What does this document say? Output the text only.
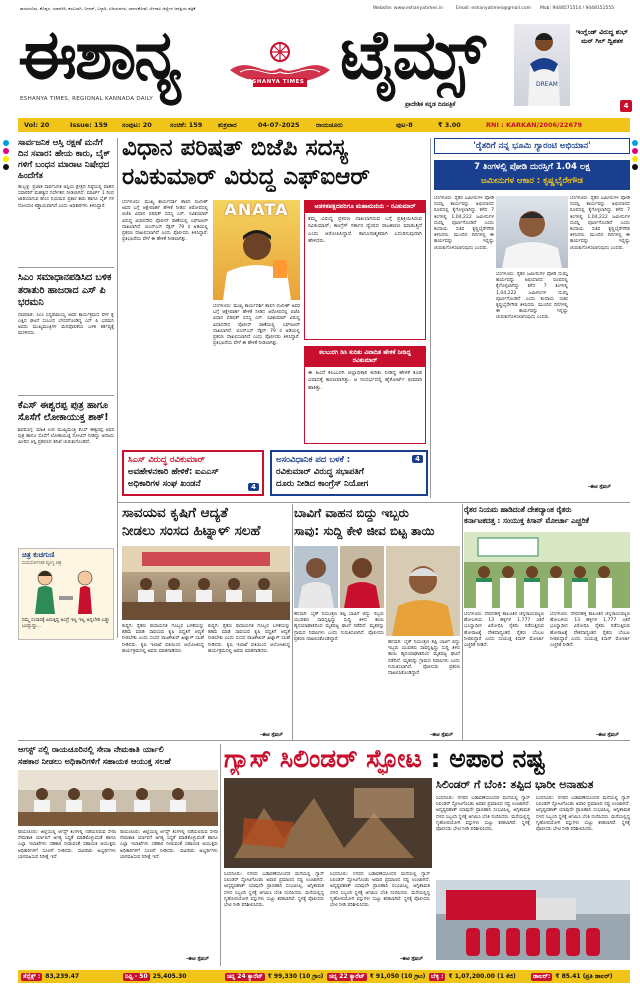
ರಾಯಚೂರು, ಕೊಪ್ಪಳ, ಯಾದಗಿರಿ, ಕಲಬುರಗಿ, ಬೀದರ್, ಬಳ್ಳಾರಿ, ವಿಜಯನಗರ, ಬಾಗಲಕೋಟೆ, ಬೆಳಗಾವಿ ಜಿಲ್ಲೆಗಳ ಜನಪ್ರಿಯ ಪತ್ರಿಕೆ	Website: www.eshanyatimes.in	Email: eshanyatimes@gmail.com Mob: 9448571514 / 9448151555
ಈಶಾನ್ಯ	ESHANYA TIMES ಟೈಮ್ಸ್
ESHANYA TIMES, REGIONAL KANNADA DAILY
ಪ್ರಾದೇಶಿಕ ಕನ್ನಡ ದಿನಪತ್ರಿಕೆ
DREAM
ಇಂಗ್ಲೆಂಡ್ ವಿರುದ್ಧ ಶುಭ್ ಮನ್ ಗಿಲ್ ದ್ವಿಶತಕ
4
Vol: 20	Issue: 159	ಸಂಪುಟ: 20	ಸಂಚಿಕೆ: 159	ಶುಕ್ರವಾರ	04-07-2025	ರಾಯಚೂರು	ಪುಟ-8	₹ 3.00	RNI : KARKAN/2006/22679
ಸಾರ್ವಜನಿಕ ಆಸ್ತಿ ರಕ್ಷಣೆ ಮನೆಗೆ ದಿನ ಸವಾರ: ಹೇಯ ಕಾರು, ಬೈಕ್ ಗಳಿಗೆ ಬಂಧನ ಮಾರಾಟ ನಿಷೇಧದ ಹಿಂದೆಗೆತ
ಹುಬ್ಬಳ್ಳಿ: ಪ್ರಜಾತ ಸಾರ್ವಜನಿಕ ಆಸ್ತಿಯ ಕ್ಷೇತ್ರದ ನಿಷ್ಠೆಯಲ್ಲಿ ವಾಹನ ಸವಾರರಿಗೆ ಮಹತ್ವದ ನಿರ್ದೇಶನ ನೀಡಲಾಗಿದೆ. ಮಾರ್ಚ್ 1 ರಿಂದ ಜಾರಿಯಾಗುವ ಹೊಸ ನಿಯಮದ ಪ್ರಕಾರ ಕಾರು ಹಾಗೂ ಬೈಕ್ ಗಳ ನೋಂದಣಿ ಕಡ್ಡಾಯವಾಗಿದೆ ಎಂದು ಅಧಿಕಾರಿಗಳು ತಿಳಿಸಿದ್ದಾರೆ.
ಸಿಎಂ ಸಮಾಧಾನಪಡಿಸಿದ ಬಳಿಕ ತರಾತುರಿ ಹಾಜರಾದ ಎಸ್ ಪಿ ಭರಮನಿ
ಧಾರವಾಡ: ಸಿಎಂ ಸಿದ್ದರಾಮಯ್ಯ ಅವರ ಕಾರ್ಯಕ್ರಮದ ವೇಳೆ ಕೈ ಎತ್ತಿದ ಘಟನೆ ಸಂಬಂಧ ಬೇಸರಗೊಂಡಿದ್ದ ಎಸ್ ಪಿ ಭರಮನಿ ಅವರು ಮುಖ್ಯಮಂತ್ರಿಗಳ ಮನವೊಲಿಕೆಯ ಬಳಿಕ ಕರ್ತವ್ಯಕ್ಕೆ ಮರಳಿದರು.
ಕೆಎಸ್ ಈಶ್ವರಪ್ಪ ಪುತ್ರ ಹಾಗೂ ಸೊಸೆಗೆ ಲೋಕಾಯುಕ್ತ ಶಾಕ್!
ಶಿವಮೊಗ್ಗ: ಮಾಜಿ ಉಪ ಮುಖ್ಯಮಂತ್ರಿ ಕೆಎಸ್ ಈಶ್ವರಪ್ಪ ಅವರ ಪುತ್ರ ಹಾಗೂ ಸೊಸೆಗೆ ಲೋಕಾಯುಕ್ತ ನೋಟಿಸ್ ನೀಡಿದ್ದು ಆದಾಯ ಮೀರಿದ ಆಸ್ತಿ ಪ್ರಕರಣದ ತನಿಖೆ ಚುರುಕುಗೊಂಡಿದೆ.
ಚಿತ್ರ ಕುಚಗುಣಿ
ಸಂದರ್ಭೋಚಿತ ವ್ಯಂಗ್ಯ ಚಿತ್ರ
ನಿಮ್ಮ ಸಂಸಾರಕ್ಕೆ ಏರುತ್ತಿದ್ದ ಅಂದ್ರೆ ಇಲ್ಲ ಇಲ್ಲ ಅನ್ನಬೇಡಿ ಬಡ್ಡು ಬಂದ್ಬುದ್ದು...
ವಿಧಾನ ಪರಿಷತ್ ಬಿಜೆಪಿ ಸದಸ್ಯ
ರವಿಕುಮಾರ್ ವಿರುದ್ಧ ಎಫ್ಐಆರ್
ಬೆಂಗಳೂರು: ಮುಖ್ಯ ಕಾರ್ಯದರ್ಶಿ ಶಾಲಿನಿ ರಜನೀಶ್ ಅವರ ಬಗ್ಗೆ ಆಕ್ಷೇಪಾರ್ಹ ಹೇಳಿಕೆ ನೀಡಿದ ಆರೋಪದಲ್ಲಿ ಬಿಜೆಪಿ ವಿಧಾನ ಪರಿಷತ್ ಸದಸ್ಯ ಎನ್. ರವಿಕುಮಾರ್ ವಿರುದ್ಧ ವಿಧಾನಸೌಧ ಪೊಲೀಸ್ ಠಾಣೆಯಲ್ಲಿ ಎಫ್ಐಆರ್ ದಾಖಲಾಗಿದೆ. ಬಿಎನ್ಎಸ್ ಸೆಕ್ಷನ್ 79 ರ ಅಡಿಯಲ್ಲಿ ಪ್ರಕರಣ ದಾಖಲಿಸಲಾಗಿದೆ ಎಂದು ಪೊಲೀಸರು ತಿಳಿಸಿದ್ದಾರೆ. ಪ್ರತಿಭಟನೆಯ ವೇಳೆ ಈ ಹೇಳಿಕೆ ನೀಡಲಾಗಿತ್ತು.
ANATA
ಬೆಂಗಳೂರು: ಮುಖ್ಯ ಕಾರ್ಯದರ್ಶಿ ಶಾಲಿನಿ ರಜನೀಶ್ ಅವರ ಬಗ್ಗೆ ಆಕ್ಷೇಪಾರ್ಹ ಹೇಳಿಕೆ ನೀಡಿದ ಆರೋಪದಲ್ಲಿ ಬಿಜೆಪಿ ವಿಧಾನ ಪರಿಷತ್ ಸದಸ್ಯ ಎನ್. ರವಿಕುಮಾರ್ ವಿರುದ್ಧ ವಿಧಾನಸೌಧ ಪೊಲೀಸ್ ಠಾಣೆಯಲ್ಲಿ ಎಫ್ಐಆರ್ ದಾಖಲಾಗಿದೆ. ಬಿಎನ್ಎಸ್ ಸೆಕ್ಷನ್ 79 ರ ಅಡಿಯಲ್ಲಿ ಪ್ರಕರಣ ದಾಖಲಿಸಲಾಗಿದೆ ಎಂದು ಪೊಲೀಸರು ತಿಳಿಸಿದ್ದಾರೆ. ಪ್ರತಿಭಟನೆಯ ವೇಳೆ ಈ ಹೇಳಿಕೆ ನೀಡಲಾಗಿತ್ತು.
ಆಡಳಿತಪಕ್ಷದವರಿಗೂ ಮಹಾಮಣಿಯ - ರವಿಕುಮಾರ್
ತಮ್ಮ ವಿರುದ್ಧ ಪ್ರಕರಣ ದಾಖಲಾಗಿರುವ ಬಗ್ಗೆ ಪ್ರತಿಕ್ರಿಯಿಸಿರುವ ರವಿಕುಮಾರ್, ಕಾಂಗ್ರೆಸ್ ಸರ್ಕಾರ ದ್ವೇಷದ ರಾಜಕಾರಣ ಮಾಡುತ್ತಿದೆ ಎಂದು ಆರೋಪಿಸಿದ್ದಾರೆ. ಕಾನೂನಾತ್ಮಕವಾಗಿ ಎದುರಿಸುವುದಾಗಿ ಹೇಳಿದರು.
ಕಲಬುರಗಿ ಡಿಸಿ ಕುರಿತು ವಿವಾದಿತ ಹೇಳಿಕೆ ನೀಡಿದ್ದ ರವಿಕುಮಾರ್
ಈ ಹಿಂದೆ ಕಲಬುರಗಿ ಜಿಲ್ಲಾಧಿಕಾರಿ ಕುರಿತು ನೀಡಿದ್ದ ಹೇಳಿಕೆ ಕೂಡ ವಿವಾದಕ್ಕೆ ಕಾರಣವಾಗಿತ್ತು. ಆ ಸಂದರ್ಭದಲ್ಲಿ ಹೈಕೋರ್ಟ್ ಛೀಮಾರಿ ಹಾಕಿತ್ತು.
'ರೈತರಿಗೆ ನನ್ನ ಭೂಮಿ ಗ್ಯಾರಂಟಿ ಅಭಿಯಾನ'
7 ತಿಂಗಳಲ್ಲಿ ಪೋಡಿ ದುರಸ್ತಿಗೆ 1.04 ಲಕ್ಷ
ಜಮೀನುಗಳ ಆಕಾರ : ಕೃಷ್ಣಭೈರೇಗೌಡ
ಬೆಂಗಳೂರು: ರೈತರ ಜಮೀನುಗಳ ಪೋಡಿ ದುರಸ್ತಿ ಕಾರ್ಯವನ್ನು ಅಭಿಯಾನದ ರೂಪದಲ್ಲಿ ಕೈಗೊಳ್ಳಲಾಗಿದ್ದು ಕಳೆದ 7 ತಿಂಗಳಲ್ಲಿ 1,04,222 ಜಮೀನುಗಳ ದುರಸ್ತಿ ಪೂರ್ಣಗೊಂಡಿದೆ ಎಂದು ಕಂದಾಯ ಸಚಿವ ಕೃಷ್ಣಭೈರೇಗೌಡ ತಿಳಿಸಿದರು. ಮುಂದಿನ ದಿನಗಳಲ್ಲಿ ಈ ಕಾರ್ಯವನ್ನು ಇನ್ನಷ್ಟು ಚುರುಕುಗೊಳಿಸಲಾಗುವುದು ಎಂದರು.
ಬೆಂಗಳೂರು: ರೈತರ ಜಮೀನುಗಳ ಪೋಡಿ ದುರಸ್ತಿ ಕಾರ್ಯವನ್ನು ಅಭಿಯಾನದ ರೂಪದಲ್ಲಿ ಕೈಗೊಳ್ಳಲಾಗಿದ್ದು ಕಳೆದ 7 ತಿಂಗಳಲ್ಲಿ 1,04,222 ಜಮೀನುಗಳ ದುರಸ್ತಿ ಪೂರ್ಣಗೊಂಡಿದೆ ಎಂದು ಕಂದಾಯ ಸಚಿವ ಕೃಷ್ಣಭೈರೇಗೌಡ ತಿಳಿಸಿದರು. ಮುಂದಿನ ದಿನಗಳಲ್ಲಿ ಈ ಕಾರ್ಯವನ್ನು ಇನ್ನಷ್ಟು ಚುರುಕುಗೊಳಿಸಲಾಗುವುದು ಎಂದರು.
ಬೆಂಗಳೂರು: ರೈತರ ಜಮೀನುಗಳ ಪೋಡಿ ದುರಸ್ತಿ ಕಾರ್ಯವನ್ನು ಅಭಿಯಾನದ ರೂಪದಲ್ಲಿ ಕೈಗೊಳ್ಳಲಾಗಿದ್ದು ಕಳೆದ 7 ತಿಂಗಳಲ್ಲಿ 1,04,222 ಜಮೀನುಗಳ ದುರಸ್ತಿ ಪೂರ್ಣಗೊಂಡಿದೆ ಎಂದು ಕಂದಾಯ ಸಚಿವ ಕೃಷ್ಣಭೈರೇಗೌಡ ತಿಳಿಸಿದರು. ಮುಂದಿನ ದಿನಗಳಲ್ಲಿ ಈ ಕಾರ್ಯವನ್ನು ಇನ್ನಷ್ಟು ಚುರುಕುಗೊಳಿಸಲಾಗುವುದು ಎಂದರು.
-ಈಟಿ ಸ್ಪೆಷಲ್
ಸಿಎಸ್ ವಿರುದ್ಧ ರವಿಕುಮಾರ್
ಅವಹೇಳನಕಾರಿ ಹೇಳಿಕೆ: ಐಎಎಸ್
ಅಧಿಕಾರಿಗಳ ಸಂಘ ಖಂಡನೆ	4
ಅಸಂವಿಧಾನಿಕ ಪದ ಬಳಕೆ :
ರವಿಕುಮಾರ್ ವಿರುದ್ಧ ಸಭಾಪತಿಗೆ
ದೂರು ನೀಡಿದ ಕಾಂಗ್ರೆಸ್ ನಿಯೋಗ
4
ಸಾವಯವ ಕೃಷಿಗೆ ಆದ್ಯತೆ
ನೀಡಲು ಸಂಸದ ಹಿಟ್ನಾಳ್ ಸಲಹೆ
ಕುಷ್ಟಗಿ: ರೈತರು ರಾಸಾಯನಿಕ ಗೊಬ್ಬರ ಬಳಕೆಯನ್ನು ಕಡಿಮೆ ಮಾಡಿ ಸಾವಯವ ಕೃಷಿ ಪದ್ಧತಿಗೆ ಆದ್ಯತೆ ನೀಡಬೇಕು ಎಂದು ಸಂಸದ ರಾಜಶೇಖರ್ ಹಿಟ್ನಾಳ್ ಸಲಹೆ ನೀಡಿದರು. ಕೃಷಿ ಇಲಾಖೆ ವತಿಯಿಂದ ಆಯೋಜಿಸಿದ್ದ ಕಾರ್ಯಕ್ರಮದಲ್ಲಿ ಅವರು ಮಾತನಾಡಿದರು.
ಕುಷ್ಟಗಿ: ರೈತರು ರಾಸಾಯನಿಕ ಗೊಬ್ಬರ ಬಳಕೆಯನ್ನು ಕಡಿಮೆ ಮಾಡಿ ಸಾವಯವ ಕೃಷಿ ಪದ್ಧತಿಗೆ ಆದ್ಯತೆ ನೀಡಬೇಕು ಎಂದು ಸಂಸದ ರಾಜಶೇಖರ್ ಹಿಟ್ನಾಳ್ ಸಲಹೆ ನೀಡಿದರು. ಕೃಷಿ ಇಲಾಖೆ ವತಿಯಿಂದ ಆಯೋಜಿಸಿದ್ದ ಕಾರ್ಯಕ್ರಮದಲ್ಲಿ ಅವರು ಮಾತನಾಡಿದರು.
-ಈಟಿ ಸ್ಪೆಷಲ್
ಬಾವಿಗೆ ವಾಹನ ಬಿದ್ದು ಇಬ್ಬರು
ಸಾವು: ಸುದ್ದಿ ಕೇಳಿ ಜೀವ ಬಿಟ್ಟ ತಾಯಿ
ಹನಸಾಗಿ: ಬೈಕ್ ನಿಯಂತ್ರಣ ತಪ್ಪಿ ಬಾವಿಗೆ ಬಿದ್ದು ಇಬ್ಬರು ಯುವಕರು ಸಾವನ್ನಪ್ಪಿದ್ದು ಸುದ್ದಿ ತಿಳಿದ ತಾಯಿ ಹೃದಯಾಘಾತದಿಂದ ಮೃತಪಟ್ಟ ಘಟನೆ ನಡೆದಿದೆ. ಮೃತರನ್ನು ಗ್ರಾಮದ ನಿವಾಸಿಗಳು ಎಂದು ಗುರುತಿಸಲಾಗಿದೆ. ಪೊಲೀಸರು ಪ್ರಕರಣ ದಾಖಲಿಸಿಕೊಂಡಿದ್ದಾರೆ.
ಹನಸಾಗಿ: ಬೈಕ್ ನಿಯಂತ್ರಣ ತಪ್ಪಿ ಬಾವಿಗೆ ಬಿದ್ದು ಇಬ್ಬರು ಯುವಕರು ಸಾವನ್ನಪ್ಪಿದ್ದು ಸುದ್ದಿ ತಿಳಿದ ತಾಯಿ ಹೃದಯಾಘಾತದಿಂದ ಮೃತಪಟ್ಟ ಘಟನೆ ನಡೆದಿದೆ. ಮೃತರನ್ನು ಗ್ರಾಮದ ನಿವಾಸಿಗಳು ಎಂದು ಗುರುತಿಸಲಾಗಿದೆ. ಪೊಲೀಸರು ಪ್ರಕರಣ ದಾಖಲಿಸಿಕೊಂಡಿದ್ದಾರೆ.
-ಈಟಿ ಸ್ಪೆಷಲ್
ರೈತರ ನಿಯಮ ಹಾಡಿದಂತೆ ದೇಶದ್ಯಾಂತ ರೈತರು
ಕರ್ನಾಟಕದತ್ತ : ಸಂಯುಕ್ತ ಕಿಸಾನ್ ಮೋರ್ಚಾ ಎಚ್ಚರಿಕೆ
ಬೆಂಗಳೂರು: ದೇವನಹಳ್ಳಿ ತಾಲೂಕಿನ ಚನ್ನರಾಯಪಟ್ಟಣ ಹೋಬಳಿಯ 13 ಹಳ್ಳಿಗಳ 1,777 ಎಕರೆ ಭೂಸ್ವಾಧೀನ ವಿರೋಧಿಸಿ ರೈತರು ನಡೆಸುತ್ತಿರುವ ಹೋರಾಟಕ್ಕೆ ದೇಶದಾದ್ಯಂತದ ರೈತರು ಬೆಂಬಲ ನೀಡಲಿದ್ದಾರೆ ಎಂದು ಸಂಯುಕ್ತ ಕಿಸಾನ್ ಮೋರ್ಚಾ ಎಚ್ಚರಿಕೆ ನೀಡಿದೆ.
ಬೆಂಗಳೂರು: ದೇವನಹಳ್ಳಿ ತಾಲೂಕಿನ ಚನ್ನರಾಯಪಟ್ಟಣ ಹೋಬಳಿಯ 13 ಹಳ್ಳಿಗಳ 1,777 ಎಕರೆ ಭೂಸ್ವಾಧೀನ ವಿರೋಧಿಸಿ ರೈತರು ನಡೆಸುತ್ತಿರುವ ಹೋರಾಟಕ್ಕೆ ದೇಶದಾದ್ಯಂತದ ರೈತರು ಬೆಂಬಲ ನೀಡಲಿದ್ದಾರೆ ಎಂದು ಸಂಯುಕ್ತ ಕಿಸಾನ್ ಮೋರ್ಚಾ ಎಚ್ಚರಿಕೆ ನೀಡಿದೆ.
-ಈಟಿ ಸ್ಪೆಷಲ್
ಆಗಸ್ಟ್ ನಲ್ಲಿ ರಾಯಚೂರಿನಲ್ಲಿ ಸೇನಾ ನೇಮಕಾತಿ ರ್ಯಾಲಿ
ಸಹಕಾರ ನೀಡಲು ಅಧಿಕಾರಿಗಳಿಗೆ ಸಹಾಯಕ ಆಯುಕ್ತ ಸಲಹೆ
ರಾಯಚೂರು: ಜಿಲ್ಲೆಯಲ್ಲಿ ಆಗಸ್ಟ್ ತಿಂಗಳಲ್ಲಿ ನಡೆಯಲಿರುವ ಸೇನಾ ನೇಮಕಾತಿ ರ್ಯಾಲಿಗೆ ಅಗತ್ಯ ಸಿದ್ಧತೆ ಮಾಡಿಕೊಳ್ಳುವಂತೆ ಹಾಗೂ ಎಲ್ಲಾ ಇಲಾಖೆಗಳು ಸಹಕಾರ ನೀಡುವಂತೆ ಸಹಾಯಕ ಆಯುಕ್ತರು ಅಧಿಕಾರಿಗಳಿಗೆ ಸೂಚನೆ ನೀಡಿದರು. ಸಾವಿರಾರು ಅಭ್ಯರ್ಥಿಗಳು ಭಾಗವಹಿಸುವ ನಿರೀಕ್ಷೆ ಇದೆ.
ರಾಯಚೂರು: ಜಿಲ್ಲೆಯಲ್ಲಿ ಆಗಸ್ಟ್ ತಿಂಗಳಲ್ಲಿ ನಡೆಯಲಿರುವ ಸೇನಾ ನೇಮಕಾತಿ ರ್ಯಾಲಿಗೆ ಅಗತ್ಯ ಸಿದ್ಧತೆ ಮಾಡಿಕೊಳ್ಳುವಂತೆ ಹಾಗೂ ಎಲ್ಲಾ ಇಲಾಖೆಗಳು ಸಹಕಾರ ನೀಡುವಂತೆ ಸಹಾಯಕ ಆಯುಕ್ತರು ಅಧಿಕಾರಿಗಳಿಗೆ ಸೂಚನೆ ನೀಡಿದರು. ಸಾವಿರಾರು ಅಭ್ಯರ್ಥಿಗಳು ಭಾಗವಹಿಸುವ ನಿರೀಕ್ಷೆ ಇದೆ.
-ಈಟಿ ಸ್ಪೆಷಲ್
ಗ್ಯಾಸ್ ಸಿಲಿಂಡರ್ ಸ್ಫೋಟ : ಅಪಾರ ನಷ್ಟ
ಸಿಲಿಂಡರ್ ಗೆ ಬೆಂಕಿ: ತಪ್ಪಿದ ಭಾರೀ ಅನಾಹುತ
ಸಿಂಧನೂರು: ನಗರದ ಬಡಾವಣೆಯೊಂದರ ಮನೆಯಲ್ಲಿ ಗ್ಯಾಸ್ ಸಿಲಿಂಡರ್ ಸ್ಫೋಟಗೊಂಡು ಅಪಾರ ಪ್ರಮಾಣದ ನಷ್ಟ ಉಂಟಾಗಿದೆ. ಅದೃಷ್ಟವಶಾತ್ ಯಾವುದೇ ಪ್ರಾಣಹಾನಿ ಸಂಭವಿಸಿಲ್ಲ. ಅಗ್ನಿಶಾಮಕ ದಳದ ಸಿಬ್ಬಂದಿ ಸ್ಥಳಕ್ಕೆ ಆಗಮಿಸಿ ಬೆಂಕಿ ನಂದಿಸಿದರು. ಮನೆಯಲ್ಲಿದ್ದ ಗೃಹೋಪಯೋಗಿ ವಸ್ತುಗಳು ಸುಟ್ಟು ಕರಕಲಾಗಿವೆ. ಸ್ಥಳಕ್ಕೆ ಪೊಲೀಸರು ಭೇಟಿ ನೀಡಿ ಪರಿಶೀಲಿಸಿದರು.
ಸಿಂಧನೂರು: ನಗರದ ಬಡಾವಣೆಯೊಂದರ ಮನೆಯಲ್ಲಿ ಗ್ಯಾಸ್ ಸಿಲಿಂಡರ್ ಸ್ಫೋಟಗೊಂಡು ಅಪಾರ ಪ್ರಮಾಣದ ನಷ್ಟ ಉಂಟಾಗಿದೆ. ಅದೃಷ್ಟವಶಾತ್ ಯಾವುದೇ ಪ್ರಾಣಹಾನಿ ಸಂಭವಿಸಿಲ್ಲ. ಅಗ್ನಿಶಾಮಕ ದಳದ ಸಿಬ್ಬಂದಿ ಸ್ಥಳಕ್ಕೆ ಆಗಮಿಸಿ ಬೆಂಕಿ ನಂದಿಸಿದರು. ಮನೆಯಲ್ಲಿದ್ದ ಗೃಹೋಪಯೋಗಿ ವಸ್ತುಗಳು ಸುಟ್ಟು ಕರಕಲಾಗಿವೆ. ಸ್ಥಳಕ್ಕೆ ಪೊಲೀಸರು ಭೇಟಿ ನೀಡಿ ಪರಿಶೀಲಿಸಿದರು.
ಸಿಂಧನೂರು: ನಗರದ ಬಡಾವಣೆಯೊಂದರ ಮನೆಯಲ್ಲಿ ಗ್ಯಾಸ್ ಸಿಲಿಂಡರ್ ಸ್ಫೋಟಗೊಂಡು ಅಪಾರ ಪ್ರಮಾಣದ ನಷ್ಟ ಉಂಟಾಗಿದೆ. ಅದೃಷ್ಟವಶಾತ್ ಯಾವುದೇ ಪ್ರಾಣಹಾನಿ ಸಂಭವಿಸಿಲ್ಲ. ಅಗ್ನಿಶಾಮಕ ದಳದ ಸಿಬ್ಬಂದಿ ಸ್ಥಳಕ್ಕೆ ಆಗಮಿಸಿ ಬೆಂಕಿ ನಂದಿಸಿದರು. ಮನೆಯಲ್ಲಿದ್ದ ಗೃಹೋಪಯೋಗಿ ವಸ್ತುಗಳು ಸುಟ್ಟು ಕರಕಲಾಗಿವೆ. ಸ್ಥಳಕ್ಕೆ ಪೊಲೀಸರು ಭೇಟಿ ನೀಡಿ ಪರಿಶೀಲಿಸಿದರು.
ಸಿಂಧನೂರು: ನಗರದ ಬಡಾವಣೆಯೊಂದರ ಮನೆಯಲ್ಲಿ ಗ್ಯಾಸ್ ಸಿಲಿಂಡರ್ ಸ್ಫೋಟಗೊಂಡು ಅಪಾರ ಪ್ರಮಾಣದ ನಷ್ಟ ಉಂಟಾಗಿದೆ. ಅದೃಷ್ಟವಶಾತ್ ಯಾವುದೇ ಪ್ರಾಣಹಾನಿ ಸಂಭವಿಸಿಲ್ಲ. ಅಗ್ನಿಶಾಮಕ ದಳದ ಸಿಬ್ಬಂದಿ ಸ್ಥಳಕ್ಕೆ ಆಗಮಿಸಿ ಬೆಂಕಿ ನಂದಿಸಿದರು. ಮನೆಯಲ್ಲಿದ್ದ ಗೃಹೋಪಯೋಗಿ ವಸ್ತುಗಳು ಸುಟ್ಟು ಕರಕಲಾಗಿವೆ. ಸ್ಥಳಕ್ಕೆ ಪೊಲೀಸರು ಭೇಟಿ ನೀಡಿ ಪರಿಶೀಲಿಸಿದರು.
-ಈಟಿ ಸ್ಪೆಷಲ್
ಸೆನ್ಸೆಕ್ಸ್ : 83,239.47	ನಿಫ್ಟಿ - 50 25,405.30	ಚಿನ್ನ 24 ಕ್ಯಾರೆಟ್ ₹ 99,330 (10 ಗ್ರಾಂ) ಚಿನ್ನ 22 ಕ್ಯಾರೆಟ್ ₹ 91,050 (10 ಗ್ರಾಂ) ಬೆಳ್ಳಿ : ₹ 1,07,200.00 (1 ಕೆಜಿ)	ಡಾಲರ್: ₹ 85.41 (ಪ್ರತಿ ಡಾಲರ್)
